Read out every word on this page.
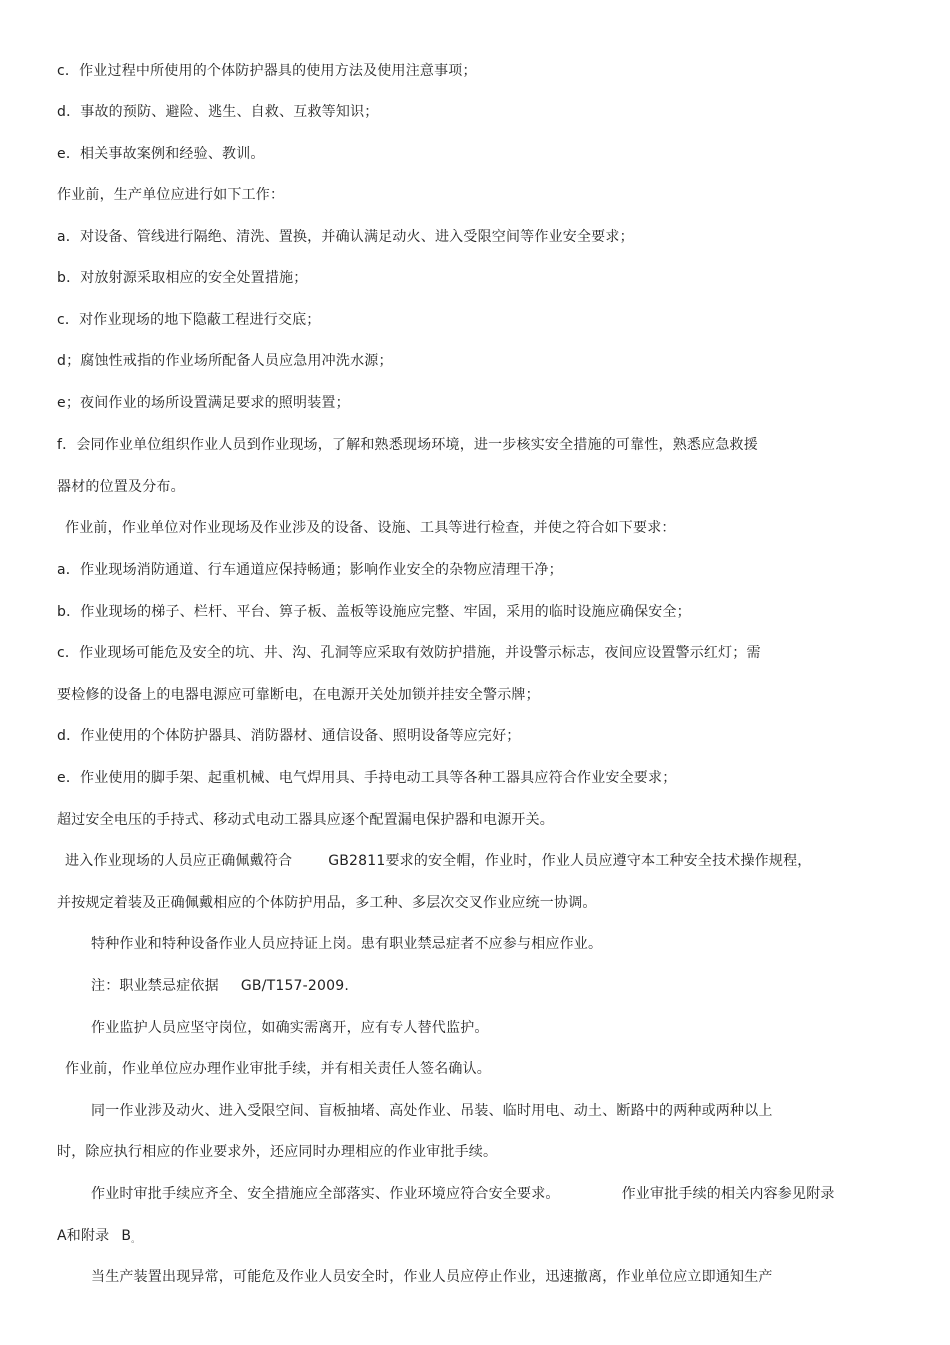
c．作业过程中所使用的个体防护器具的使用方法及使用注意事项；
d．事故的预防、避险、逃生、自救、互救等知识；
e．相关事故案例和经验、教训。
作业前，生产单位应进行如下工作：
a．对设备、管线进行隔绝、清洗、置换，并确认满足动火、进入受限空间等作业安全要求；
b．对放射源采取相应的安全处置措施；
c．对作业现场的地下隐蔽工程进行交底；
d；腐蚀性戒指的作业场所配备人员应急用冲洗水源；
e；夜间作业的场所设置满足要求的照明装置；
f．会同作业单位组织作业人员到作业现场，了解和熟悉现场环境，进一步核实安全措施的可靠性，熟悉应急救援
器材的位置及分布。
作业前，作业单位对作业现场及作业涉及的设备、设施、工具等进行检查，并使之符合如下要求：
a．作业现场消防通道、行车通道应保持畅通；影响作业安全的杂物应清理干净；
b．作业现场的梯子、栏杆、平台、箅子板、盖板等设施应完整、牢固，采用的临时设施应确保安全；
c．作业现场可能危及安全的坑、井、沟、孔洞等应采取有效防护措施，并设警示标志，夜间应设置警示红灯；需
要检修的设备上的电器电源应可靠断电，在电源开关处加锁并挂安全警示牌；
d．作业使用的个体防护器具、消防器材、通信设备、照明设备等应完好；
e．作业使用的脚手架、起重机械、电气焊用具、手持电动工具等各种工器具应符合作业安全要求；
超过安全电压的手持式、移动式电动工器具应逐个配置漏电保护器和电源开关。
进入作业现场的人员应正确佩戴符合	GB2811要求的安全帽，作业时，作业人员应遵守本工种安全技术操作规程，
并按规定着装及正确佩戴相应的个体防护用品，多工种、多层次交叉作业应统一协调。
特种作业和特种设备作业人员应持证上岗。患有职业禁忌症者不应参与相应作业。
注：职业禁忌症依据 GB/T157-2009.
作业监护人员应坚守岗位，如确实需离开，应有专人替代监护。
作业前，作业单位应办理作业审批手续，并有相关责任人签名确认。
同一作业涉及动火、进入受限空间、盲板抽堵、高处作业、吊装、临时用电、动土、断路中的两种或两种以上
时，除应执行相应的作业要求外，还应同时办理相应的作业审批手续。
作业时审批手续应齐全、安全措施应全部落实、作业环境应符合安全要求。	作业审批手续的相关内容参见附录
A和附录 $B_。$
当生产装置出现异常，可能危及作业人员安全时，作业人员应停止作业，迅速撤离，作业单位应立即通知生产
